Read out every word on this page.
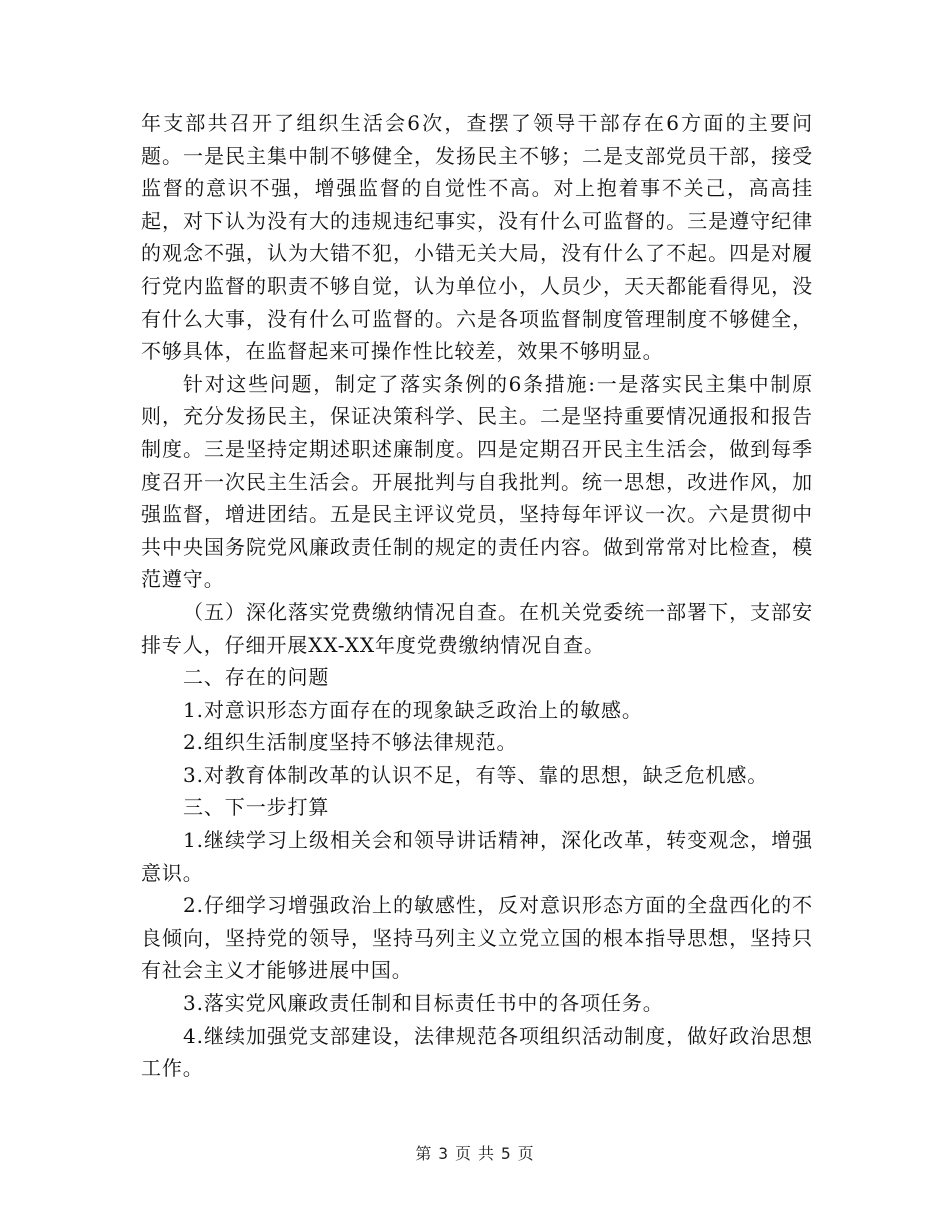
年支部共召开了组织生活会6次，查摆了领导干部存在6方面的主要问题。一是民主集中制不够健全，发扬民主不够；二是支部党员干部，接受监督的意识不强，增强监督的自觉性不高。对上抱着事不关己，高高挂起，对下认为没有大的违规违纪事实，没有什么可监督的。三是遵守纪律的观念不强，认为大错不犯，小错无关大局，没有什么了不起。四是对履行党内监督的职责不够自觉，认为单位小，人员少，天天都能看得见，没有什么大事，没有什么可监督的。六是各项监督制度管理制度不够健全，不够具体，在监督起来可操作性比较差，效果不够明显。

针对这些问题，制定了落实条例的6条措施:一是落实民主集中制原则，充分发扬民主，保证决策科学、民主。二是坚持重要情况通报和报告制度。三是坚持定期述职述廉制度。四是定期召开民主生活会，做到每季度召开一次民主生活会。开展批判与自我批判。统一思想，改进作风，加强监督，增进团结。五是民主评议党员，坚持每年评议一次。六是贯彻中共中央国务院党风廉政责任制的规定的责任内容。做到常常对比检查，模范遵守。

（五）深化落实党费缴纳情况自查。在机关党委统一部署下，支部安排专人，仔细开展XX-XX年度党费缴纳情况自查。

二、存在的问题

1.对意识形态方面存在的现象缺乏政治上的敏感。

2.组织生活制度坚持不够法律规范。

3.对教育体制改革的认识不足，有等、靠的思想，缺乏危机感。

三、下一步打算

1.继续学习上级相关会和领导讲话精神，深化改革，转变观念，增强意识。

2.仔细学习增强政治上的敏感性，反对意识形态方面的全盘西化的不良倾向，坚持党的领导，坚持马列主义立党立国的根本指导思想，坚持只有社会主义才能够进展中国。

3.落实党风廉政责任制和目标责任书中的各项任务。

4.继续加强党支部建设，法律规范各项组织活动制度，做好政治思想工作。

第 3 页 共 5 页
